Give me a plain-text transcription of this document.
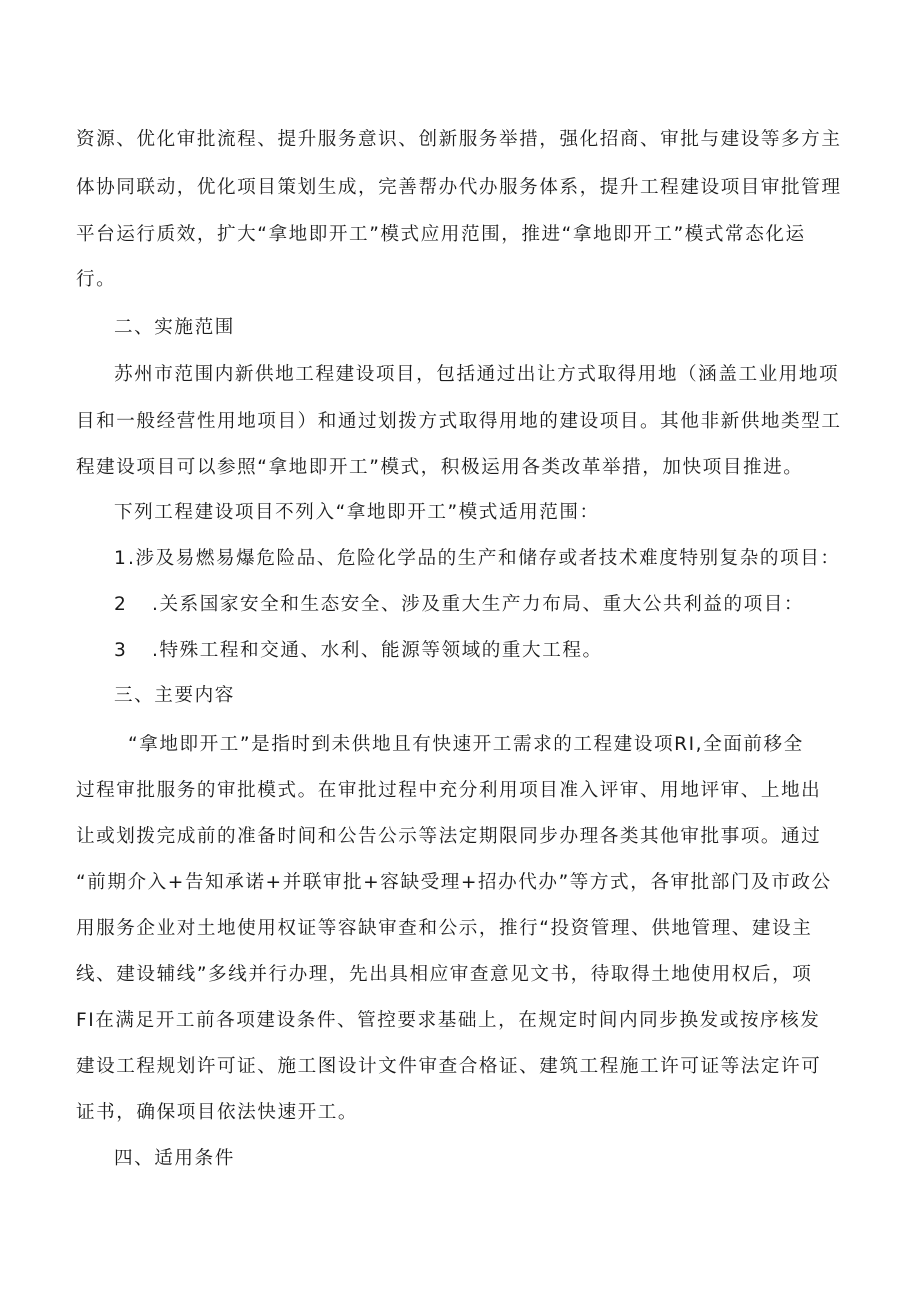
资源、优化审批流程、提升服务意识、创新服务举措，强化招商、审批与建设等多方主
体协同联动，优化项目策划生成，完善帮办代办服务体系，提升工程建设项目审批管理
平台运行质效，扩大“拿地即开工”模式应用范围，推进“拿地即开工”模式常态化运
行。
二、实施范围
苏州市范围内新供地工程建设项目，包括通过出让方式取得用地（涵盖工业用地项
目和一般经营性用地项目）和通过划拨方式取得用地的建设项目。其他非新供地类型工
程建设项目可以参照“拿地即开工”模式，积极运用各类改革举措，加快项目推进。
下列工程建设项目不列入“拿地即开工”模式适用范围：
1.涉及易燃易爆危险品、危险化学品的生产和储存或者技术难度特别复杂的项目：
2 .关系国家安全和生态安全、涉及重大生产力布局、重大公共利益的项目：
3 .特殊工程和交通、水利、能源等领域的重大工程。
三、主要内容
“拿地即开工”是指时到未供地且有快速开工需求的工程建设项RI,全面前移全
过程审批服务的审批模式。在审批过程中充分利用项目准入评审、用地评审、上地出
让或划拨完成前的准备时间和公告公示等法定期限同步办理各类其他审批事项。通过
“前期介入+告知承诺+并联审批+容缺受理+招办代办”等方式，各审批部门及市政公
用服务企业对土地使用权证等容缺审查和公示，推行“投资管理、供地管理、建设主
线、建设辅线”多线并行办理，先出具相应审查意见文书，待取得土地使用权后，项
FI在满足开工前各项建设条件、管控要求基础上，在规定时间内同步换发或按序核发
建设工程规划许可证、施工图设计文件审查合格证、建筑工程施工许可证等法定许可
证书，确保项目依法快速开工。
四、适用条件
